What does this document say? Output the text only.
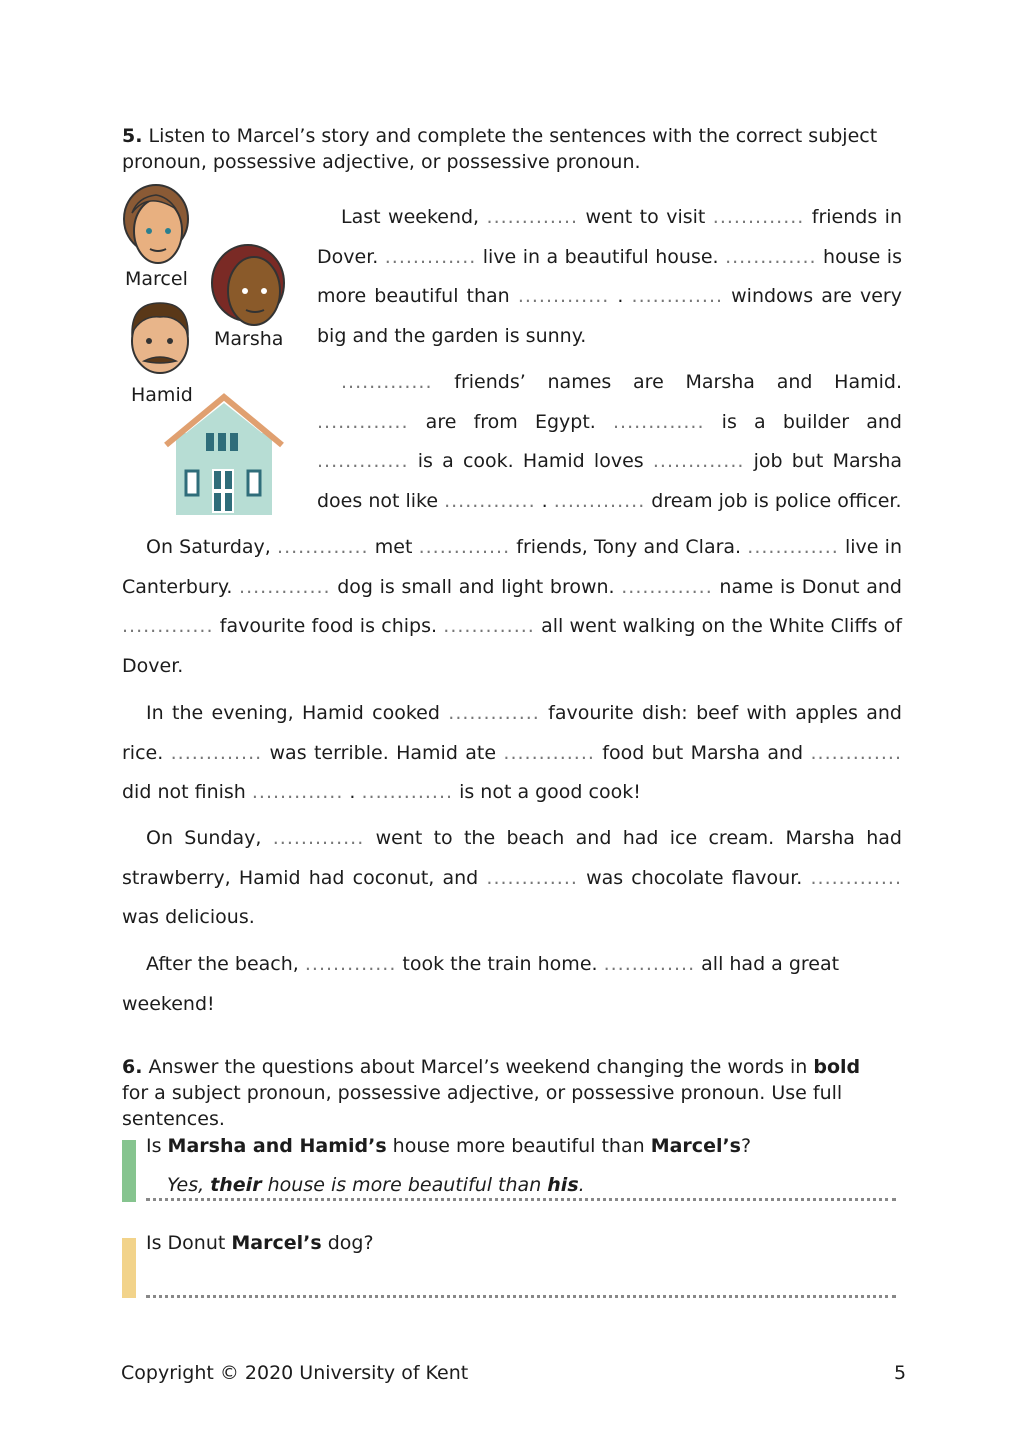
5. Listen to Marcel’s story and complete the sentences with the correct subject pronoun, possessive adjective, or possessive pronoun.
Marcel
Marsha
Hamid
Last weekend, ............. went to visit ............. friends in Dover. ............. live in a beautiful house. ............. house is more beautiful than ............. . ............. windows are very big and the garden is sunny.
............. friends’ names are Marsha and Hamid. ............. are from Egypt. ............. is a builder and ............. is a cook. Hamid loves ............. job but Marsha does not like ............. . ............. dream job is police officer.
On Saturday, ............. met ............. friends, Tony and Clara. ............. live in Canterbury. ............. dog is small and light brown. ............. name is Donut and ............. favourite food is chips. ............. all went walking on the White Cliffs of Dover.
In the evening, Hamid cooked ............. favourite dish: beef with apples and rice. ............. was terrible. Hamid ate ............. food but Marsha and ............. did not finish ............. . ............. is not a good cook!
On Sunday, ............. went to the beach and had ice cream. Marsha had strawberry, Hamid had coconut, and ............. was chocolate flavour. ............. was delicious.
After the beach, ............. took the train home. ............. all had a great weekend!
6. Answer the questions about Marcel’s weekend changing the words in bold for a subject pronoun, possessive adjective, or possessive pronoun. Use full sentences.
Is Marsha and Hamid’s house more beautiful than Marcel’s?
Yes, their house is more beautiful than his.
Is Donut Marcel’s dog?
Copyright © 2020 University of Kent	5
